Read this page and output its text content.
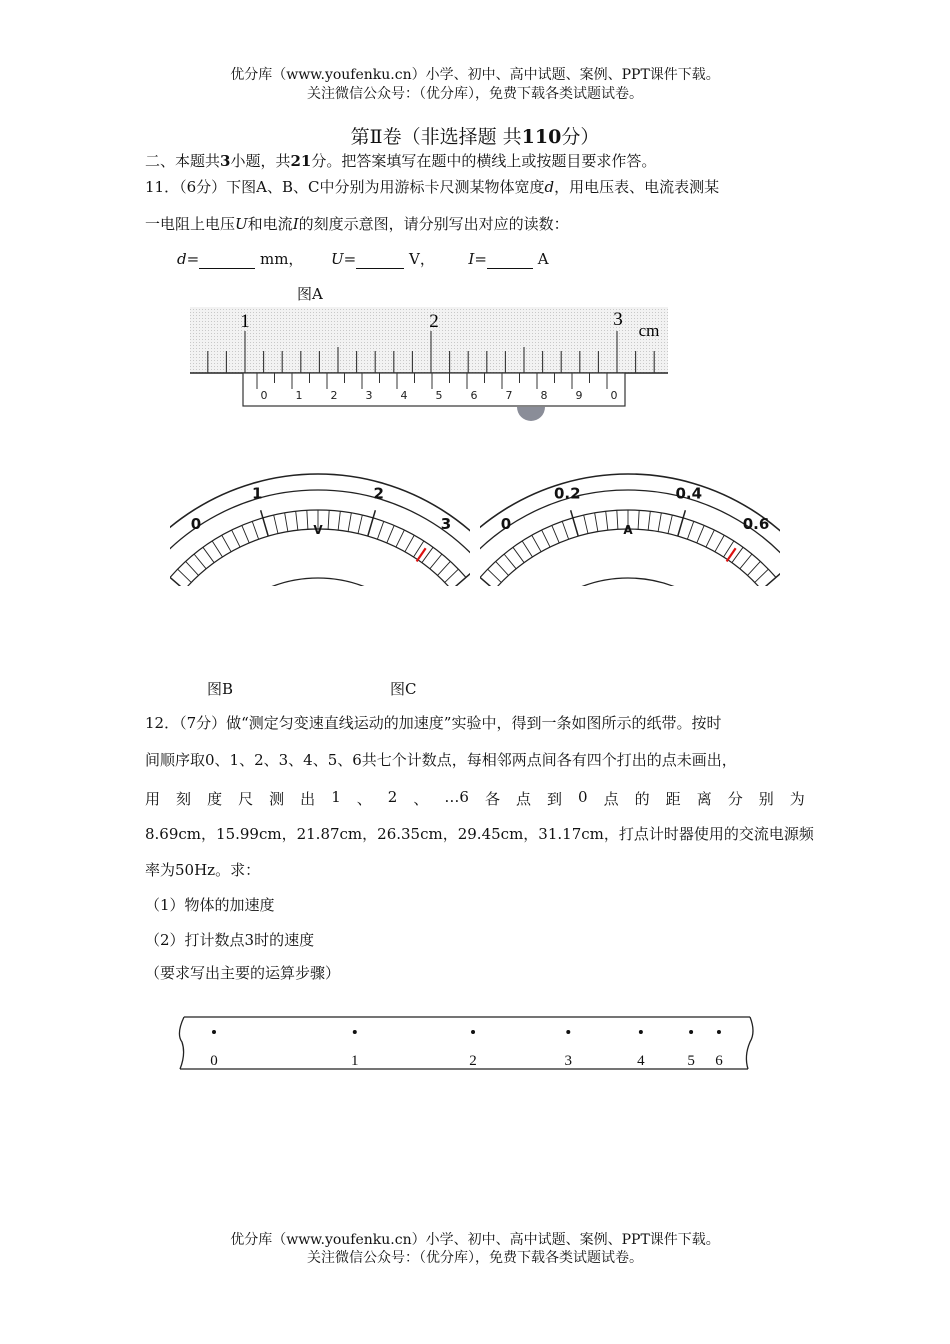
优分库（www.youfenku.cn）小学、初中、高中试题、案例、PPT课件下载。
关注微信公众号：（优分库），免费下载各类试题试卷。
第Ⅱ卷（非选择题 共110分）
二、本题共3小题，共21分。把答案填写在题中的横线上或按题目要求作答。
11．（6分）下图A、B、C中分别为用游标卡尺测某物体宽度d，用电压表、电流表测某
一电阻上电压U和电流I的刻度示意图，请分别写出对应的读数：
d=	mm， U=	V， I=	A
图A
1	2	3
cm
0	1	2	3	4	5	6	7	8	9	0
0
1	2
3
V	0
0.2	0.4
0.6
A
图B	图C
12．（7分）做“测定匀变速直线运动的加速度”实验中，得到一条如图所示的纸带。按时
间顺序取0、1、2、3、4、5、6共七个计数点，每相邻两点间各有四个打出的点未画出，
用 刻 度 尺 测 出 1 、 2 、 …6 各 点 到 0 点 的 距 离 分 别 为
8.69cm，15.99cm，21.87cm，26.35cm，29.45cm，31.17cm，打点计时器使用的交流电源频
率为50Hz。求：
（1）物体的加速度
（2）打计数点3时的速度
（要求写出主要的运算步骤）
0	1	2	3	4	5 6
优分库（www.youfenku.cn）小学、初中、高中试题、案例、PPT课件下载。
关注微信公众号：（优分库），免费下载各类试题试卷。
